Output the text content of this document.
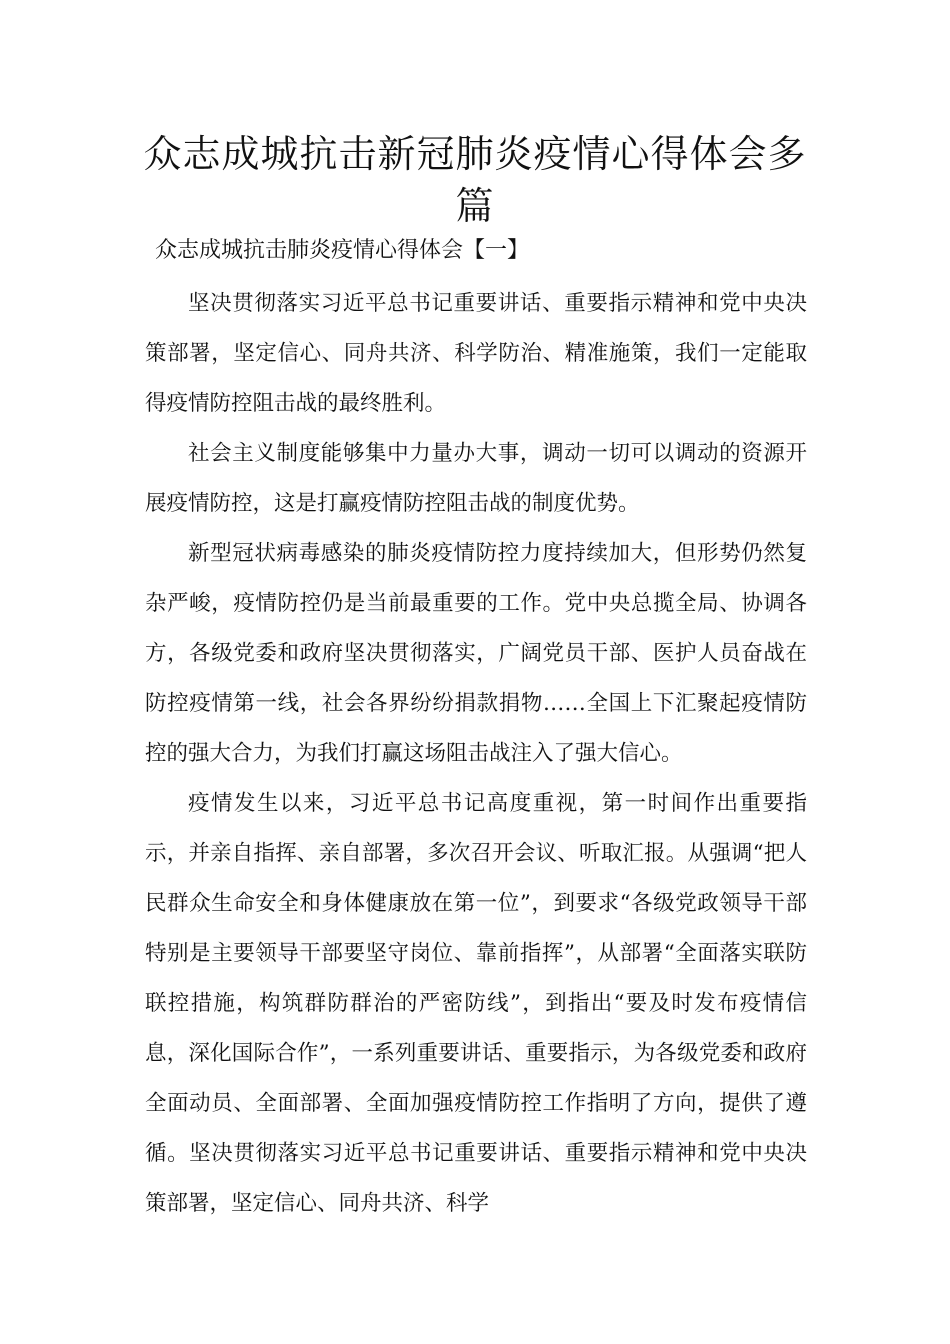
众志成城抗击新冠肺炎疫情心得体会多篇

众志成城抗击肺炎疫情心得体会【一】

坚决贯彻落实习近平总书记重要讲话、重要指示精神和党中央决策部署，坚定信心、同舟共济、科学防治、精准施策，我们一定能取得疫情防控阻击战的最终胜利。

社会主义制度能够集中力量办大事，调动一切可以调动的资源开展疫情防控，这是打赢疫情防控阻击战的制度优势。

新型冠状病毒感染的肺炎疫情防控力度持续加大，但形势仍然复杂严峻，疫情防控仍是当前最重要的工作。党中央总揽全局、协调各方，各级党委和政府坚决贯彻落实，广阔党员干部、医护人员奋战在防控疫情第一线，社会各界纷纷捐款捐物……全国上下汇聚起疫情防控的强大合力，为我们打赢这场阻击战注入了强大信心。

疫情发生以来，习近平总书记高度重视，第一时间作出重要指示，并亲自指挥、亲自部署，多次召开会议、听取汇报。从强调“把人民群众生命安全和身体健康放在第一位”，到要求“各级党政领导干部特别是主要领导干部要坚守岗位、靠前指挥”，从部署“全面落实联防联控措施，构筑群防群治的严密防线”，到指出“要及时发布疫情信息，深化国际合作”，一系列重要讲话、重要指示，为各级党委和政府全面动员、全面部署、全面加强疫情防控工作指明了方向，提供了遵循。坚决贯彻落实习近平总书记重要讲话、重要指示精神和党中央决策部署，坚定信心、同舟共济、科学
